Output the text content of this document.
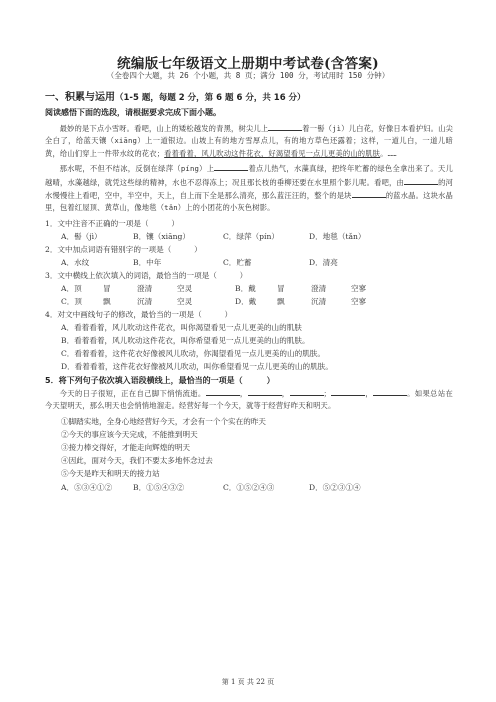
统编版七年级语文上册期中考试卷(含答案)
（全卷四个大题，共 26 个小题，共 8 页；满分 100 分，考试用时 150 分钟）
一、积累与运用（1-5 题，每题 2 分，第 6 题 6 分，共 16 分）
阅读感悟下面的选段，请根据要求完成下面小题。

最妙的是下点小雪呀。看吧，山上的矮松越发的青黑，树尖儿上	着一髻（jì）儿白花，好像日本看护妇。山尖全白了，给蓝天镶（xiāng）上一道银边。山坡上有的地方雪厚点儿，有的地方草色还露着；这样，一道儿白，一道儿暗黄，给山们穿上一件带水纹的花衣；看着看着，风儿吹动这件花衣，好渴望看见一点儿更美的山的肌肤。……

那水呢，不但不结冰，反倒在绿萍（píng）上	着点儿热气，水藻真绿，把终年贮蓄的绿色全拿出来了。天儿越晴，水藻越绿，就凭这些绿的精神，水也不忍得冻上；况且那长枝的垂柳还要在水里照个影儿呢。看吧，由	的河水慢慢往上看吧，空中，半空中，天上，自上而下全是那么清亮，那么蓝汪汪的，整个的是块	的蓝水晶。这块水晶里，包着红屋顶、黄草山，像地毯（tǎn）上的小团花的小灰色树影。

1．文中注音不正确的一项是（　　　）
A．髻（jì）	B．镶（xiāng）	C．绿萍（pín）	D．地毯（tǎn）
2．文中加点词语有错别字的一项是（　　　）
A．水纹	B．中年	C．贮蓄	D．清亮
3．文中横线上依次填入的词语，最恰当的一项是（　　　）
A．顶	冒	澄清	空灵	B．戴	冒	澄清	空寥
C．顶	飘	沉清	空灵	D．戴	飘	沉清	空寥
4．对文中画线句子的修改，最恰当的一项是（　　　）
A．看着看着，风儿吹动这件花衣，叫你渴望看见一点儿更美的山的肌肤
B．看着看着，风儿吹动这件花衣，叫你希望看见一点儿更美的山的肌肤。
C．看着看着，这件花衣好像被风儿吹动，你渴望看见一点儿更美的山的肌肤。
D．看着看着，这件花衣好像被风儿吹动，叫你希望看见一点儿更美的山的肌肤。
5．将下列句子依次填入语段横线上，最恰当的一项是（　　　）

今天的日子很短，正在自己脚下悄悄流逝。	，	，	；	，	。如果总站在今天望明天，那么明天也会悄悄地溜走。经营好每一个今天，就等于经营好昨天和明天。

①脚踏实地，全身心地经营好今天，才会有一个个实在的昨天
②今天的事应该今天完成，不能推到明天
③接力棒交得好，才能走向辉煌的明天
④因此，面对今天，我们不要太多地怀念过去
⑤今天是昨天和明天的接力站
A．⑤③④①②	B．①⑤④③②	C．①⑤②④③	D．⑤②③①④
第 1 页 共 22 页
